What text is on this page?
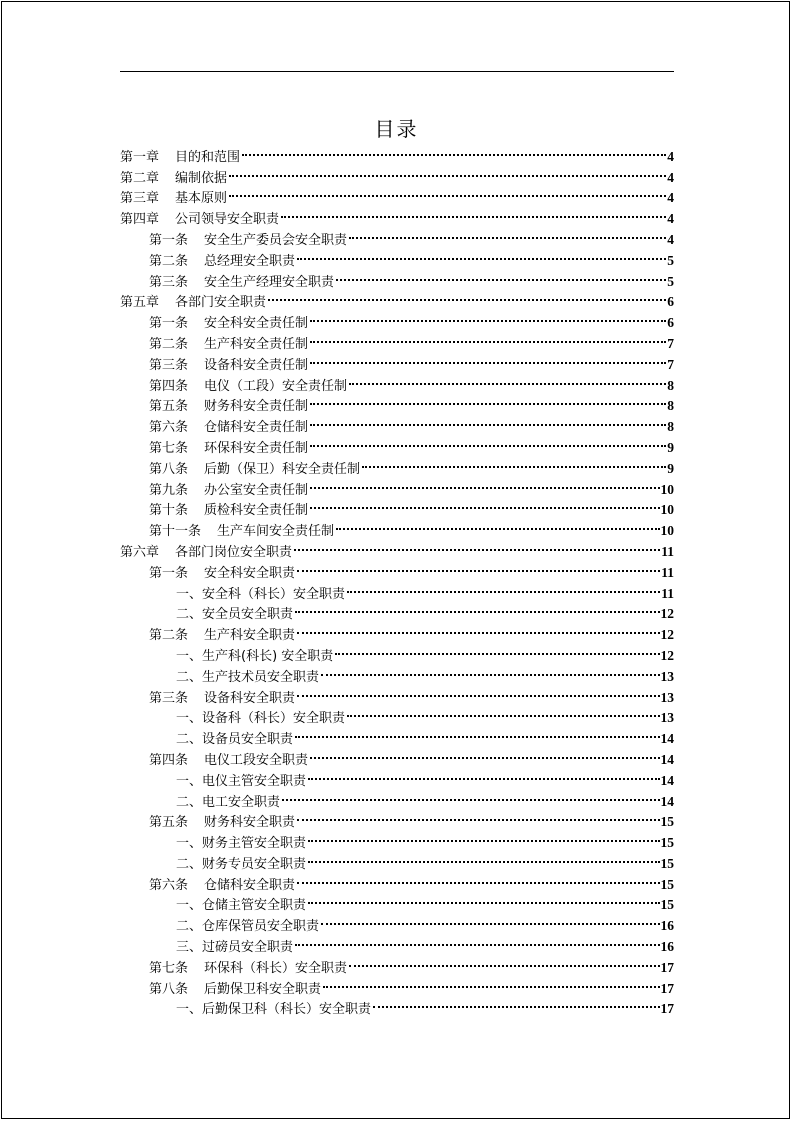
目录
第一章 目的和范围	4
第二章 编制依据	4
第三章 基本原则	4
第四章 公司领导安全职责	4
第一条 安全生产委员会安全职责	4
第二条 总经理安全职责	5
第三条 安全生产经理安全职责	5
第五章 各部门安全职责	6
第一条 安全科安全责任制	6
第二条 生产科安全责任制	7
第三条 设备科安全责任制	7
第四条 电仪（工段）安全责任制	8
第五条 财务科安全责任制	8
第六条 仓储科安全责任制	8
第七条 环保科安全责任制	9
第八条 后勤（保卫）科安全责任制	9
第九条 办公室安全责任制	10
第十条 质检科安全责任制	10
第十一条 生产车间安全责任制	10
第六章 各部门岗位安全职责	11
第一条 安全科安全职责	11
一、 安全科（科长）安全职责	11
二、 安全员安全职责	12
第二条 生产科安全职责	12
一、 生产科(科长) 安全职责	12
二、 生产技术员安全职责	13
第三条 设备科安全职责	13
一、 设备科（科长）安全职责	13
二、 设备员安全职责	14
第四条 电仪工段安全职责	14
一、 电仪主管安全职责	14
二、 电工安全职责	14
第五条 财务科安全职责	15
一、 财务主管安全职责	15
二、 财务专员安全职责	15
第六条 仓储科安全职责	15
一、 仓储主管安全职责	15
二、 仓库保管员安全职责	16
三、 过磅员安全职责	16
第七条 环保科（科长）安全职责	17
第八条 后勤保卫科安全职责	17
一、 后勤保卫科（科长）安全职责	17
